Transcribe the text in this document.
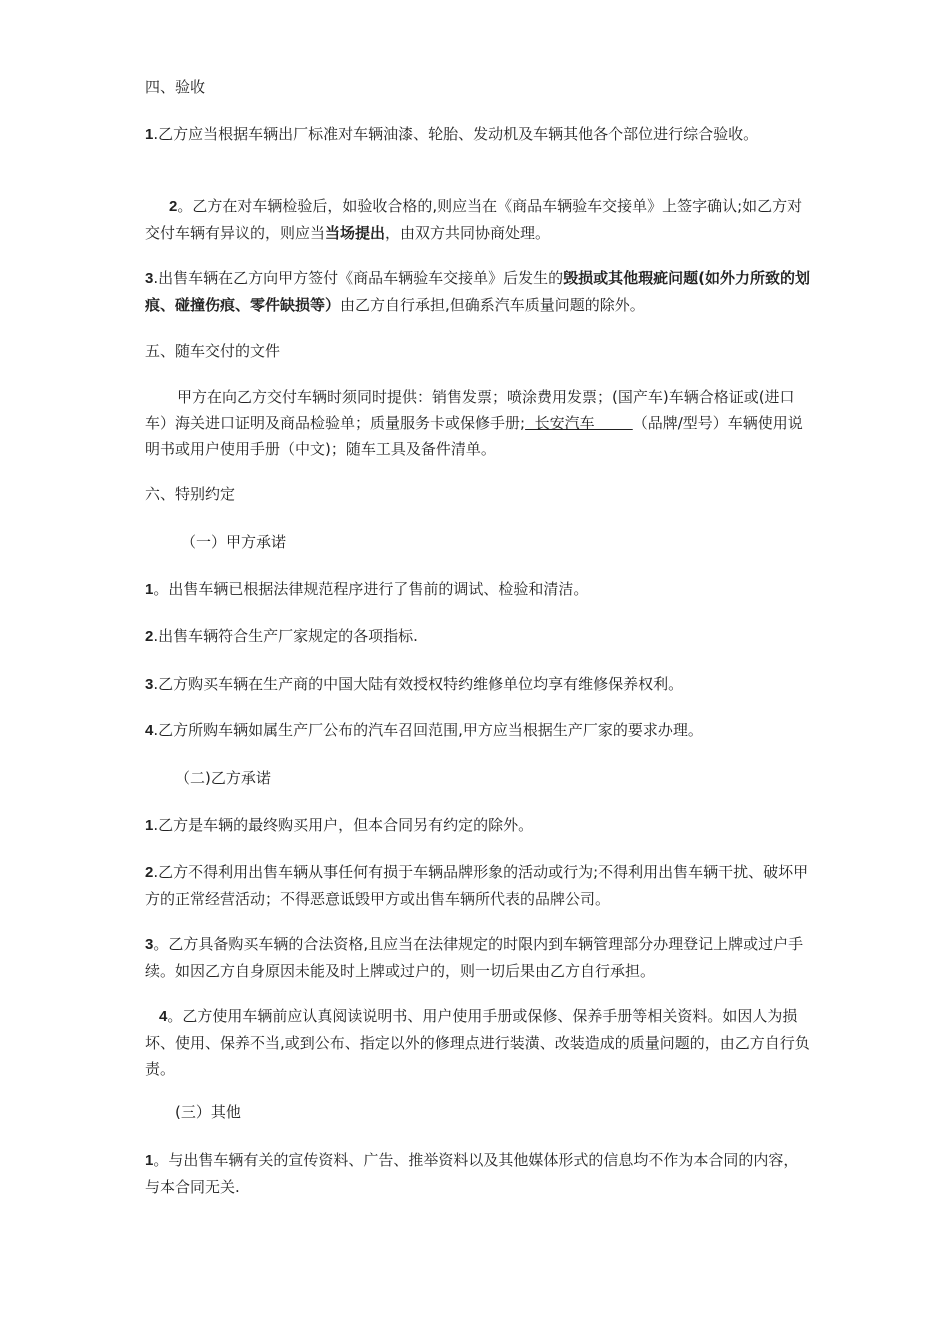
四、验收

1.乙方应当根据车辆出厂标准对车辆油漆、轮胎、发动机及车辆其他各个部位进行综合验收。

2。乙方在对车辆检验后，如验收合格的,则应当在《商品车辆验车交接单》上签字确认;如乙方对交付车辆有异议的，则应当当场提出，由双方共同协商处理。

3.出售车辆在乙方向甲方签付《商品车辆验车交接单》后发生的毁损或其他瑕疵问题(如外力所致的划痕、碰撞伤痕、零件缺损等）由乙方自行承担,但确系汽车质量问题的除外。

五、随车交付的文件

甲方在向乙方交付车辆时须同时提供：销售发票；喷涂费用发票；(国产车)车辆合格证或(进口车）海关进口证明及商品检验单；质量服务卡或保修手册;  长安汽车        （品牌/型号）车辆使用说明书或用户使用手册（中文)；随车工具及备件清单。

六、特别约定

（一）甲方承诺

1。出售车辆已根据法律规范程序进行了售前的调试、检验和清洁。

2.出售车辆符合生产厂家规定的各项指标.

3.乙方购买车辆在生产商的中国大陆有效授权特约维修单位均享有维修保养权利。

4.乙方所购车辆如属生产厂公布的汽车召回范围,甲方应当根据生产厂家的要求办理。

（二)乙方承诺

1.乙方是车辆的最终购买用户，但本合同另有约定的除外。

2.乙方不得利用出售车辆从事任何有损于车辆品牌形象的活动或行为;不得利用出售车辆干扰、破坏甲方的正常经营活动；不得恶意诋毁甲方或出售车辆所代表的品牌公司。

3。乙方具备购买车辆的合法资格,且应当在法律规定的时限内到车辆管理部分办理登记上牌或过户手续。如因乙方自身原因未能及时上牌或过户的，则一切后果由乙方自行承担。

4。乙方使用车辆前应认真阅读说明书、用户使用手册或保修、保养手册等相关资料。如因人为损坏、使用、保养不当,或到公布、指定以外的修理点进行装潢、改装造成的质量问题的，由乙方自行负责。

(三）其他

1。与出售车辆有关的宣传资料、广告、推举资料以及其他媒体形式的信息均不作为本合同的内容，与本合同无关.
